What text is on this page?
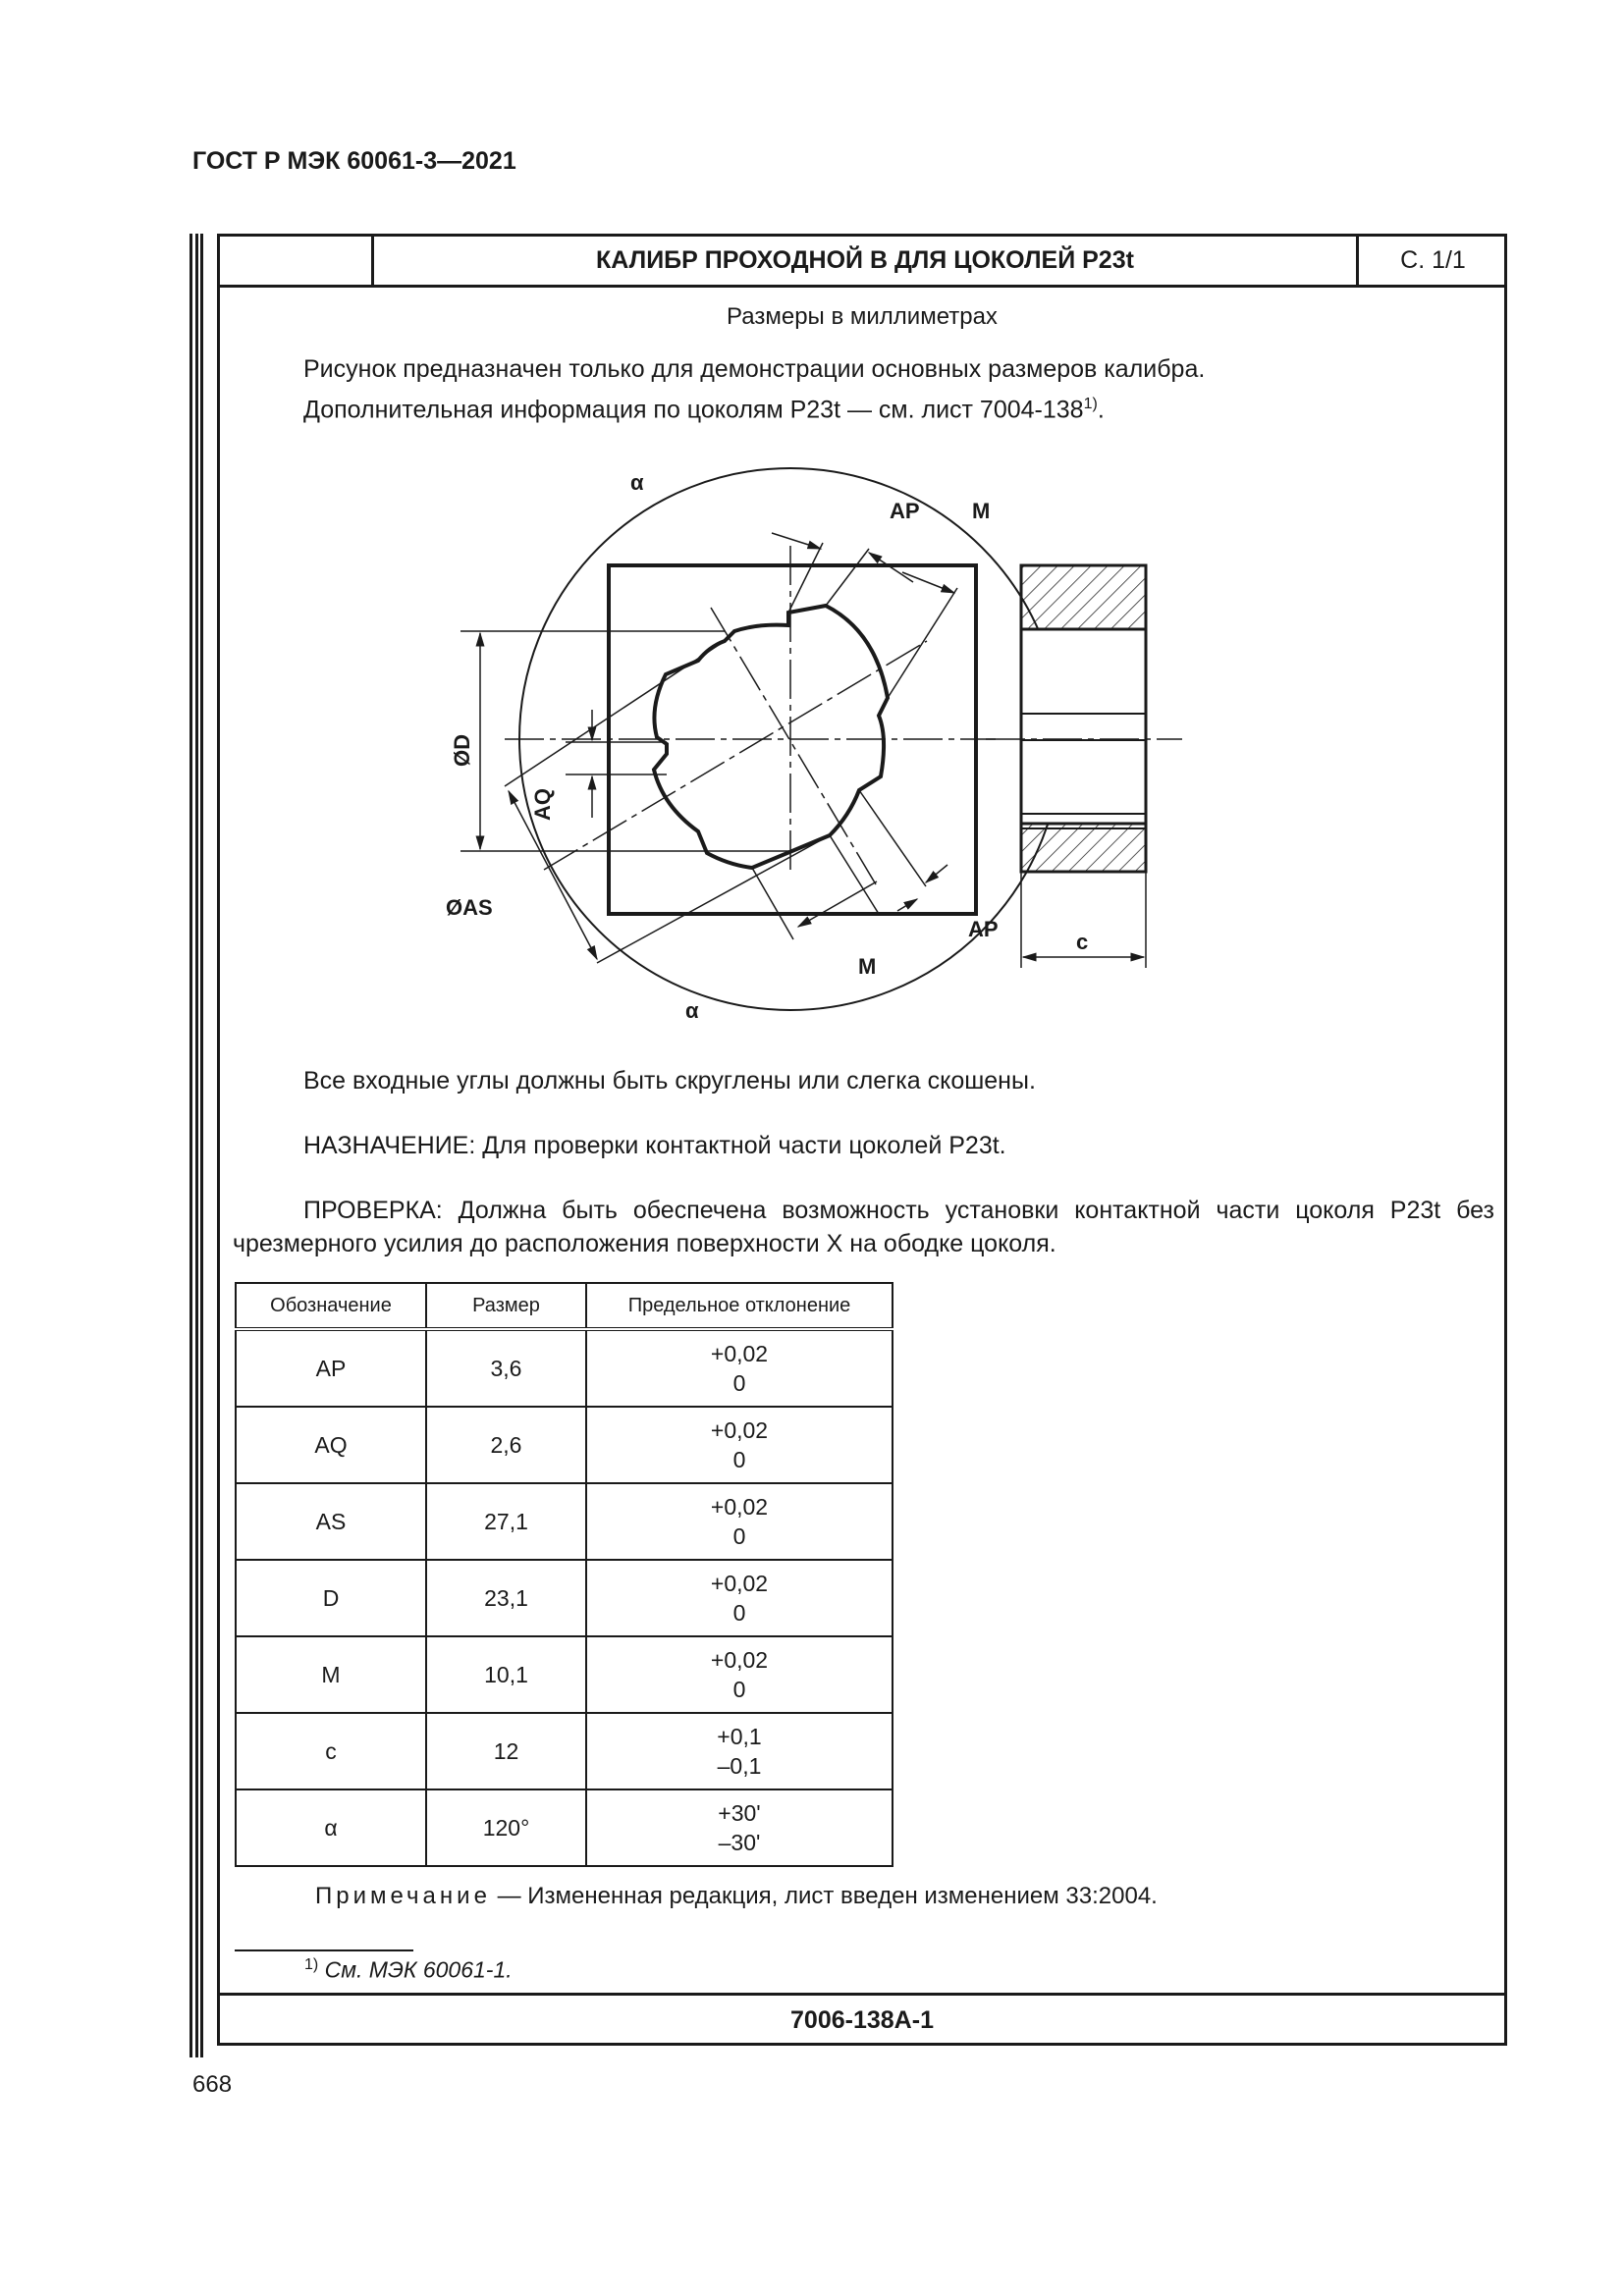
ГОСТ Р МЭК 60061-3—2021
КАЛИБР ПРОХОДНОЙ B ДЛЯ ЦОКОЛЕЙ P23t	С. 1/1
Размеры в миллиметрах
Рисунок предназначен только для демонстрации основных размеров калибра.
Дополнительная информация по цоколям P23t — см. лист 7004-138$^{1)}$.
α
AP M
ØD
AQ
ØAS
AP
M
α
c
Все входные углы должны быть скруглены или слегка скошены.
НАЗНАЧЕНИЕ: Для проверки контактной части цоколей P23t.
ПРОВЕРКА: Должна быть обеспечена возможность установки контактной части цоколя P23t без чрезмерного усилия до расположения поверхности X на ободке цоколя.
Обозначение	Размер	Предельное отклонение
AP	3,6	+0,02
0

AQ	2,6	+0,02
0

AS	27,1	+0,02
0

D	23,1	+0,02
0

M	10,1	+0,02
0

c	12	+0,1
–0,1

α	120°	+30'
–30'
Примечание — Измененная редакция, лист введен изменением 33:2004.
$^{1)}$ См. МЭК 60061-1.
7006-138A-1
668
